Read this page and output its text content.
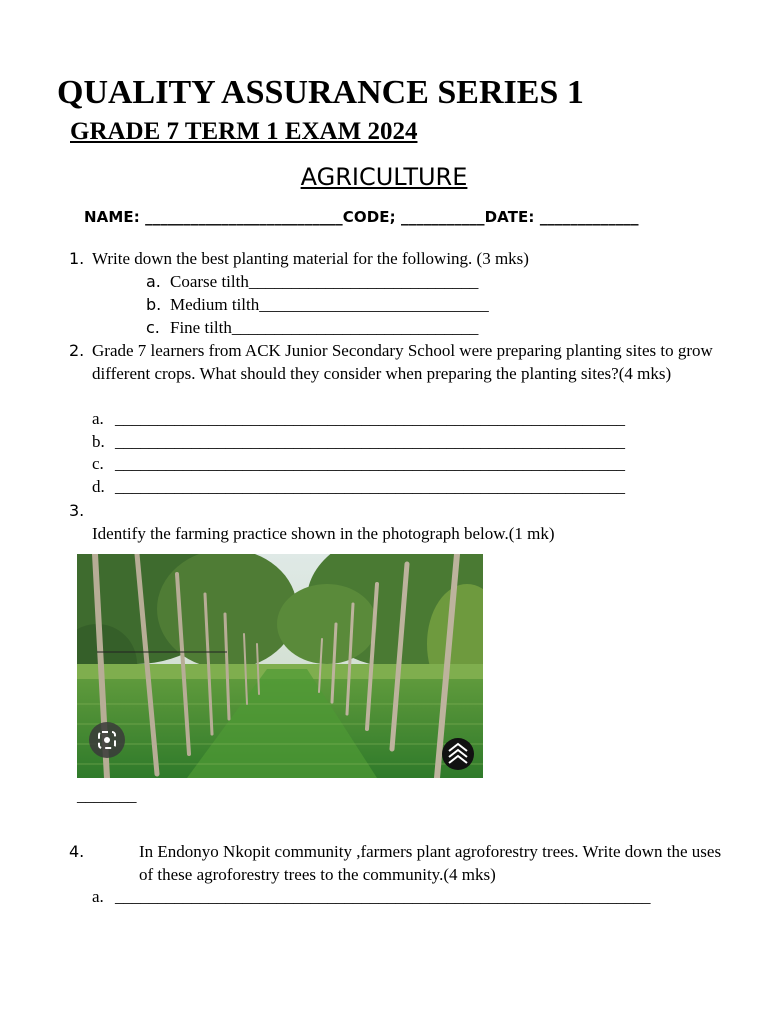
QUALITY ASSURANCE SERIES 1
GRADE 7 TERM 1 EXAM 2024
AGRICULTURE
NAME: __________________________CODE; ___________DATE: _____________
1. Write down the best planting material for the following. (3 mks)
a. Coarse tilth___________________________
b. Medium tilth___________________________
c. Fine tilth_____________________________
2. Grade 7 learners from ACK Junior Secondary School were preparing planting sites to grow different crops. What should they consider when preparing the planting sites?(4 mks)
a. ____________________________________________________________
b. ____________________________________________________________
c. ____________________________________________________________
d. ____________________________________________________________
3.
Identify the farming practice shown in the photograph below.(1 mk)
_______
4.	In Endonyo Nkopit community ,farmers plant agroforestry trees. Write down the uses of these agroforestry trees to the community.(4 mks)
a. _______________________________________________________________
